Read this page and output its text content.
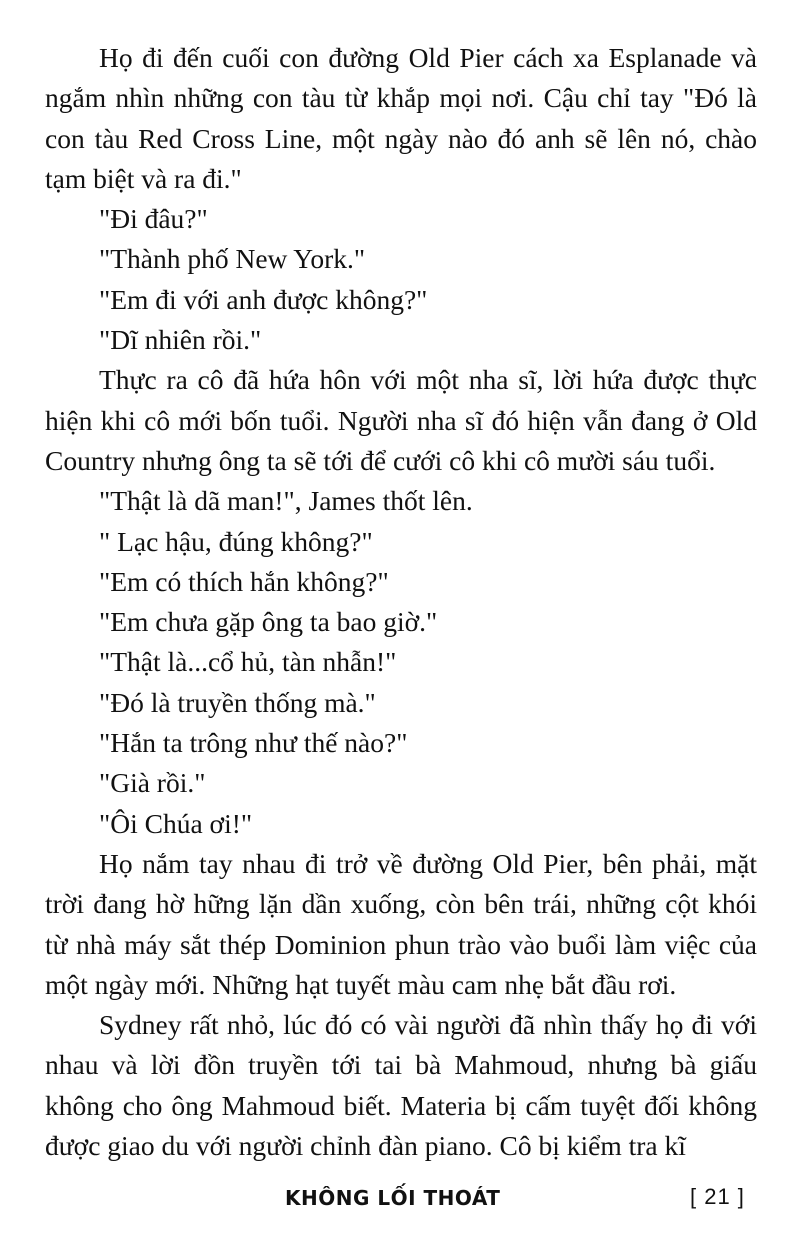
Họ đi đến cuối con đường Old Pier cách xa Esplanade và ngắm nhìn những con tàu từ khắp mọi nơi. Cậu chỉ tay "Đó là con tàu Red Cross Line, một ngày nào đó anh sẽ lên nó, chào tạm biệt và ra đi."

"Đi đâu?"

"Thành phố New York."

"Em đi với anh được không?"

"Dĩ nhiên rồi."

Thực ra cô đã hứa hôn với một nha sĩ, lời hứa được thực hiện khi cô mới bốn tuổi. Người nha sĩ đó hiện vẫn đang ở Old Country nhưng ông ta sẽ tới để cưới cô khi cô mười sáu tuổi.

"Thật là dã man!", James thốt lên.

" Lạc hậu, đúng không?"

"Em có thích hắn không?"

"Em chưa gặp ông ta bao giờ."

"Thật là...cổ hủ, tàn nhẫn!"

"Đó là truyền thống mà."

"Hắn ta trông như thế nào?"

"Già rồi."

"Ôi Chúa ơi!"

Họ nắm tay nhau đi trở về đường Old Pier, bên phải, mặt trời đang hờ hững lặn dần xuống, còn bên trái, những cột khói từ nhà máy sắt thép Dominion phun trào vào buổi làm việc của một ngày mới. Những hạt tuyết màu cam nhẹ bắt đầu rơi.

Sydney rất nhỏ, lúc đó có vài người đã nhìn thấy họ đi với nhau và lời đồn truyền tới tai bà Mahmoud, nhưng bà giấu không cho ông Mahmoud biết. Materia bị cấm tuyệt đối không được giao du với người chỉnh đàn piano. Cô bị kiểm tra kĩ

KHÔNG LỐI THOÁT	[ 21 ]
